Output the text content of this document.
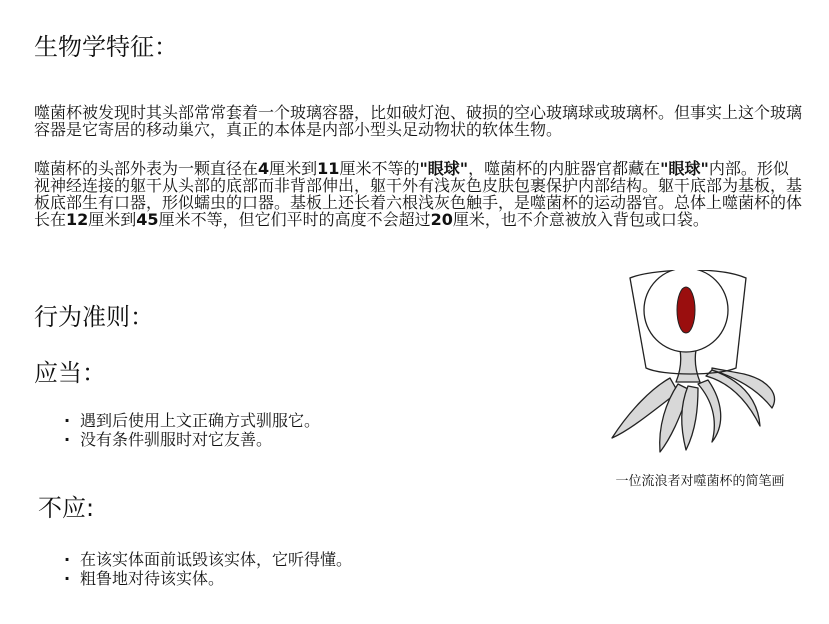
生物学特征：

噬菌杯被发现时其头部常常套着一个玻璃容器，比如破灯泡、破损的空心玻璃球或玻璃杯。但事实上这个玻璃容器是它寄居的移动巢穴，真正的本体是内部小型头足动物状的软体生物。

噬菌杯的头部外表为一颗直径在4厘米到11厘米不等的"眼球"，噬菌杯的内脏器官都藏在"眼球"内部。形似视神经连接的躯干从头部的底部而非背部伸出，躯干外有浅灰色皮肤包裹保护内部结构。躯干底部为基板，基板底部生有口器，形似蠕虫的口器。基板上还长着六根浅灰色触手，是噬菌杯的运动器官。总体上噬菌杯的体长在12厘米到45厘米不等，但它们平时的高度不会超过20厘米，也不介意被放入背包或口袋。

行为准则：
应当：
· 遇到后使用上文正确方式驯服它。
· 没有条件驯服时对它友善。
不应:
· 在该实体面前诋毁该实体，它听得懂。
· 粗鲁地对待该实体。
一位流浪者对噬菌杯的简笔画
